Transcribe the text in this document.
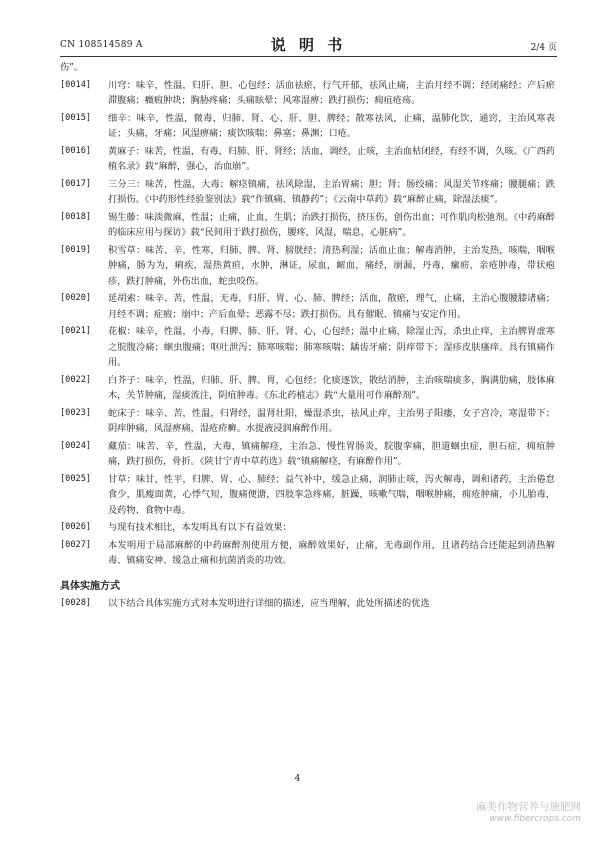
CN 108514589 A	说 明 书	2/4 页
伤”。
[0014]	川穹：味辛，性温，归肝、胆、心包经；活血祛瘀，行气开郁，祛风止痛，主治月经不调；经闭痛经；产后瘀滞腹痛；癥瘕肿块；胸胁疼痛；头痛眩晕；风寒湿痹；跌打损伤；痈疽疮疡。
[0015]	细辛：味辛，性温，微毒，归肺、肾、心、肝、胆、脾经；散寒祛风，止痛，温肺化饮，通窍，主治风寒表证；头痛，牙痛；风湿痹痛；痰饮咳喘；鼻塞；鼻渊；口疮。
[0016]	黄麻子：味苦，性温，有毒，归肺、肝、肾经；活血，调经，止咳，主治血枯闭经，有经不调，久咳。《广西药植名录》载“麻醉，强心，治血崩”。
[0017]	三分三：味苦，性温，大毒；解痉镇痛，祛风除湿，主治胃痛；胆；肾；肠绞痛；风湿关节疼痛；腰腿痛；跌打损伤。《中药形性经验鉴别法》载“作镇痛、镇静药”；《云南中草药》载“麻醉止痛，除湿法痰”。
[0018]	锡生藤：味淡微麻，性温；止痛，止血，生肌；治跌打损伤，挤压伤，创伤出血；可作肌肉松弛剂。《中药麻醉的临床应用与探访》载“民间用于跌打损伤，腰疼，风湿，喘息，心脏病”。
[0019]	积雪草：味苦、辛，性寒，归肺、脾、肾、膀胱经；清热利湿；活血止血；解毒消肿，主治发热，咳喘，咽喉肿痛，肠为为，痢疾，湿热黄疸，水肿，淋证，尿血，衄血，痛经，崩漏，丹毒，瘰疬，亲疮肿毒，带状疱疹，跌打肿痛，外伤出血，蛇虫咬伤。
[0020]	延胡索：味辛、苦，性温，无毒，归肝、胃、心、肺、脾经；活血，散瘀，理气，止痛，主治心腹腰膝诸痛；月经不调；症瘕；崩中；产后血晕；恶露不尽；跌打损伤。具有催眠、镇痛与安定作用。
[0021]	花椒：味辛，性温，小毒，归脾、肺、肝、肾、心，心包经；温中止痛，除湿止泻，杀虫止痒，主治脾胃虚寒之脘腹冷痛；蛔虫腹痛；呕吐泄泻；肺寒咳喘；肺寒咳喘；龋齿牙痛；阴痒带下；湿疹皮肤瘙痒。具有镇痛作用。
[0022]	白芥子：味辛，性温，归肺、肝、脾、胃，心包经；化痰逐饮，散结消肿，主治咳喘痰多，胸满肋痛，肢体麻木，关节肿痛，湿痰流注，阴疽肿毒。《东北药植志》载“大量用可作麻醉剂”。
[0023]	蛇床子：味辛、苦，性温，归肾经，温肾壮阳，燥湿杀虫，祛风止痒，主治男子阳痿，女子宫冷，寒湿带下；阴痒肿痛，风湿痹痛，湿疮疥癣。水提液浸润麻醉作用。
[0024]	藏茄：味苦、辛，性温，大毒，镇痛解痉，主治急、慢性胃肠炎，脘腹挛痛，胆道蛔虫症，胆石症，痈疽肿痛，跌打损伤，骨折。《陕甘宁青中草药选》载“镇痛解痉，有麻醉作用”。
[0025]	甘草：味甘，性平，归脾、胃、心、肺经；益气补中，缓急止痛，润肺止咳，泻火解毒，调和诸药，主治倦怠食少，肌瘦面黄，心悸气短，腹痛便溏，四肢挛急疼痛，脏躁，咳嗽气喘，咽喉肿痛，痈疮肿痛，小儿胎毒，及药物、食物中毒。
[0026]	与现有技术相比，本发明具有以下有益效果：
[0027]	本发明用于局部麻醉的中药麻醉剂使用方便，麻醉效果好，止痛，无毒副作用，且诸药结合还能起到清热解毒、镇痛安神、缓急止痛和抗菌消炎的功效。
具体实施方式
[0028]	以下结合具体实施方式对本发明进行详细的描述，应当理解，此处所描述的优选
4
麻类作物营养与施肥网
www.fibercrops.com
